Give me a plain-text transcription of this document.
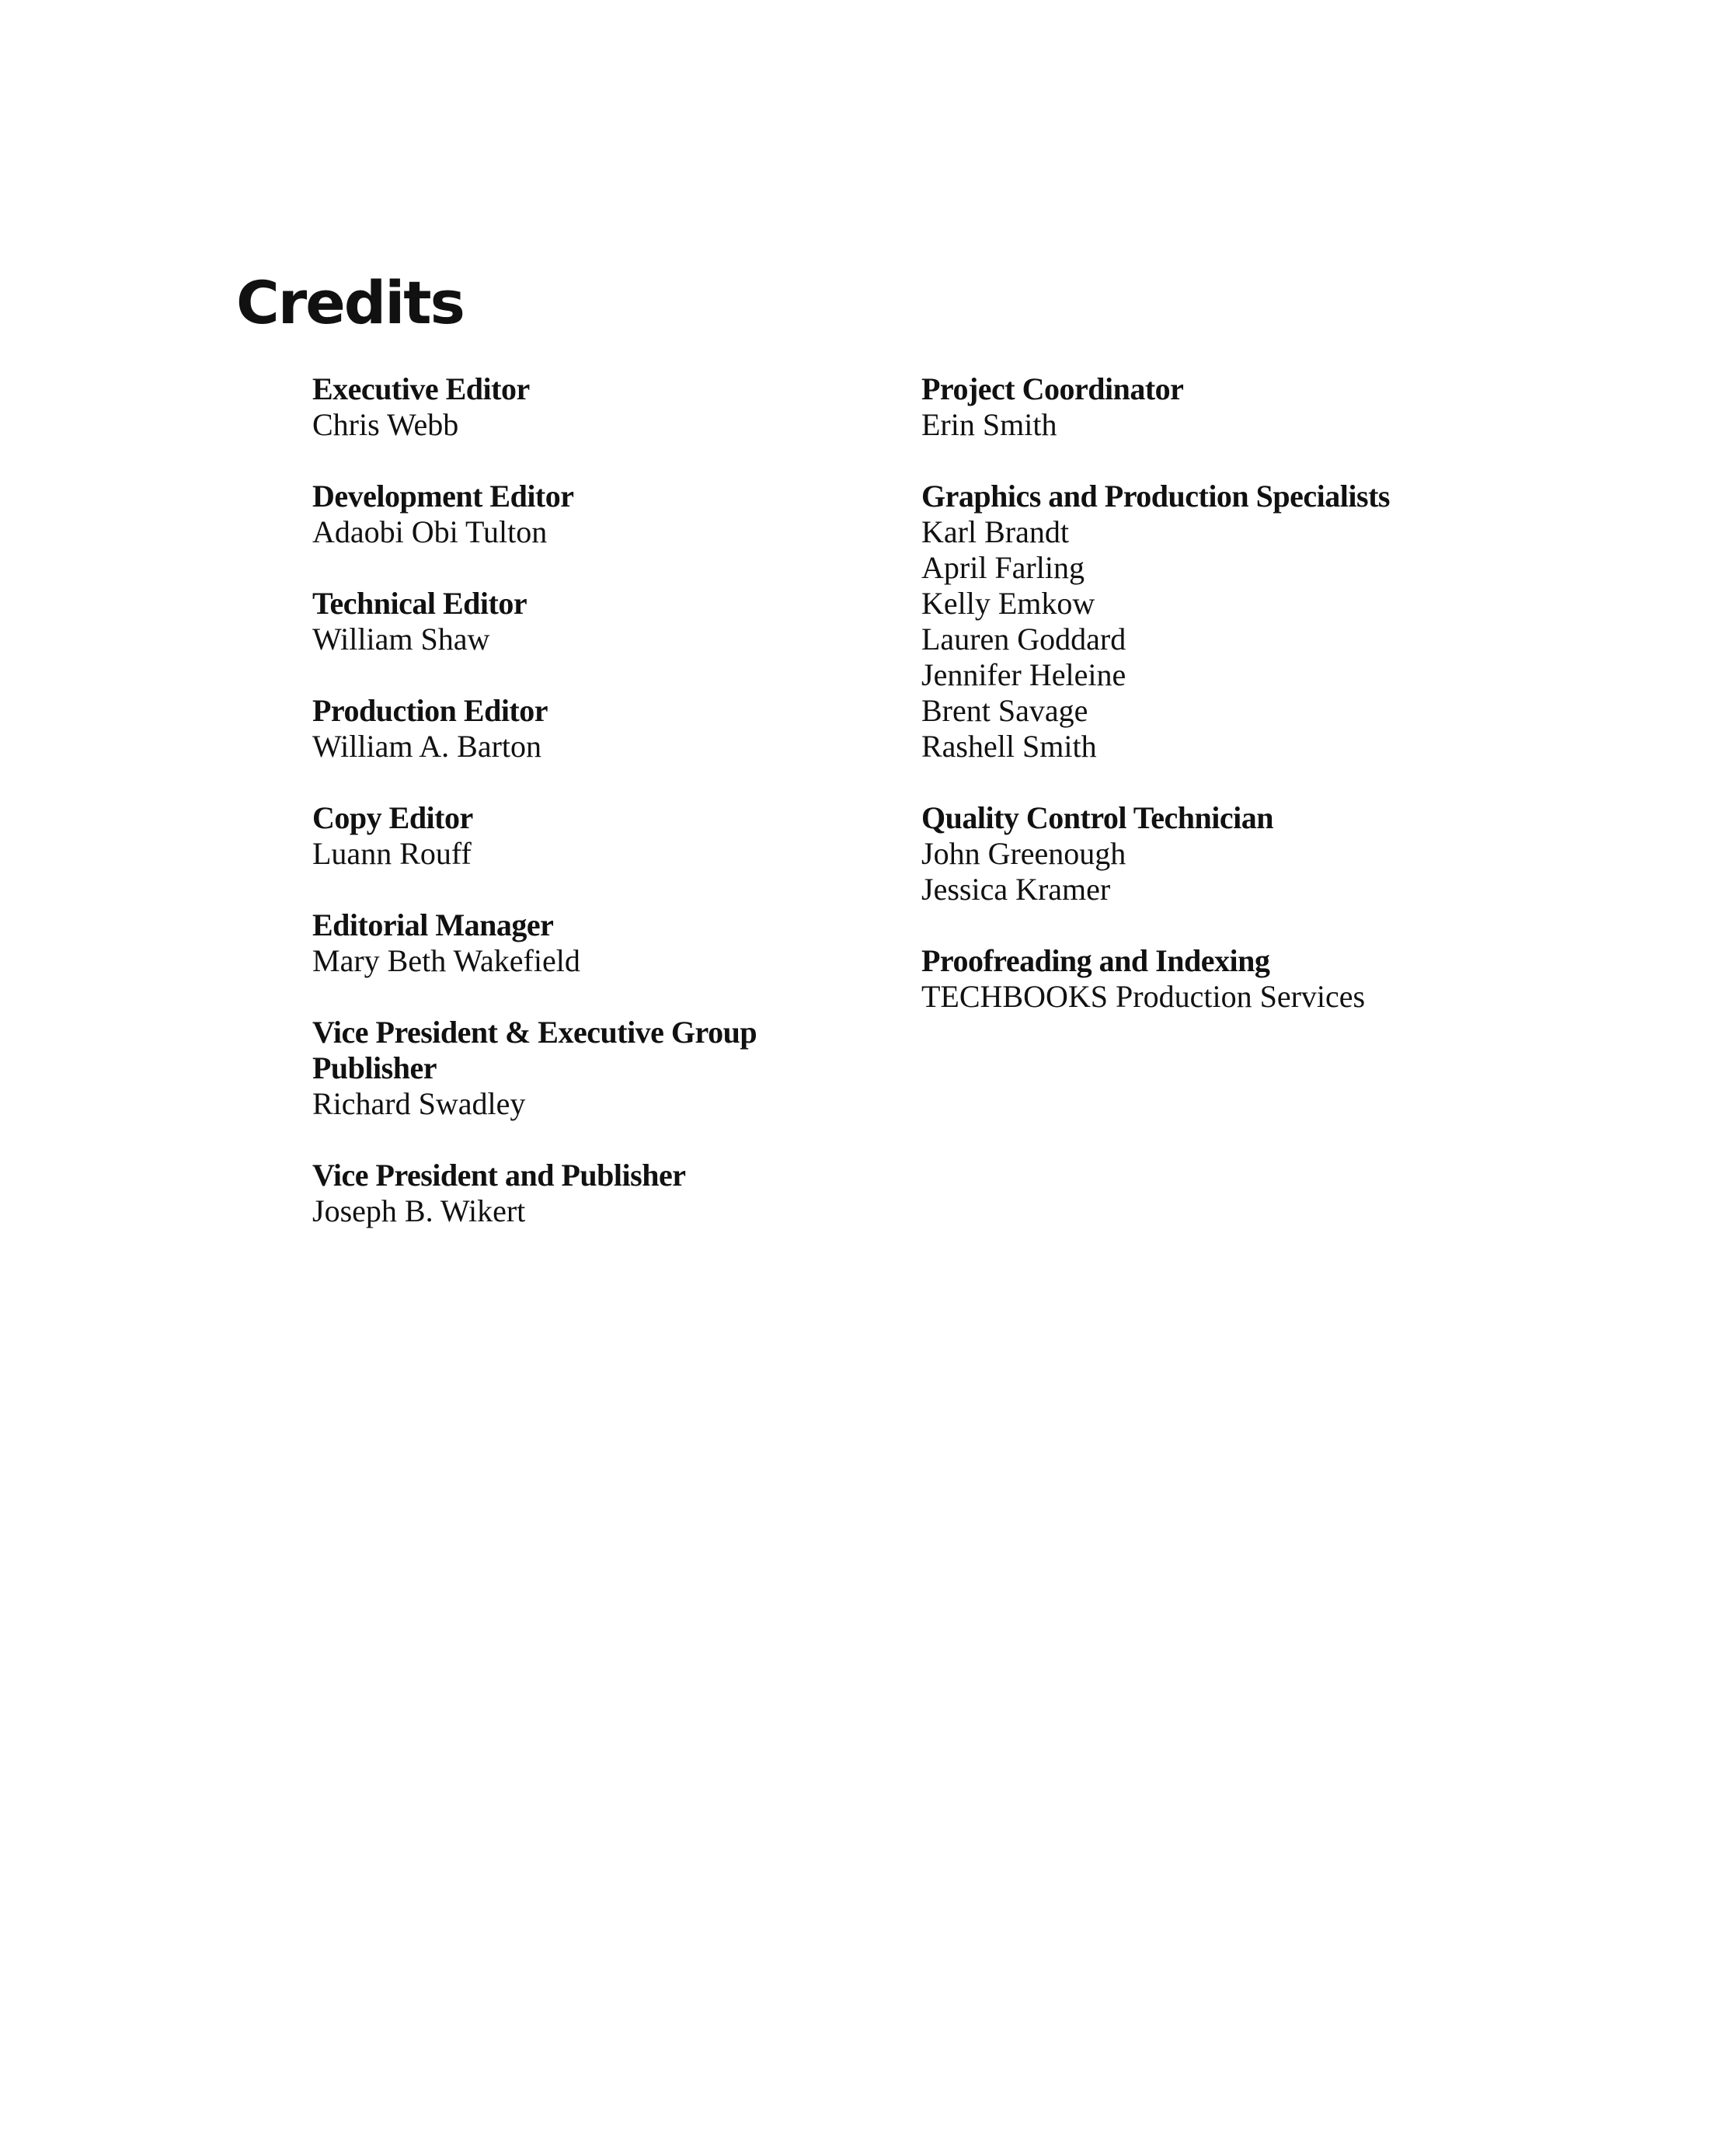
Credits
Executive Editor
Chris Webb
Development Editor
Adaobi Obi Tulton
Technical Editor
William Shaw
Production Editor
William A. Barton
Copy Editor
Luann Rouff
Editorial Manager
Mary Beth Wakefield
Vice President & Executive Group
Publisher
Richard Swadley
Vice President and Publisher
Joseph B. Wikert
Project Coordinator
Erin Smith
Graphics and Production Specialists
Karl Brandt
April Farling
Kelly Emkow
Lauren Goddard
Jennifer Heleine
Brent Savage
Rashell Smith
Quality Control Technician
John Greenough
Jessica Kramer
Proofreading and Indexing
TECHBOOKS Production Services
